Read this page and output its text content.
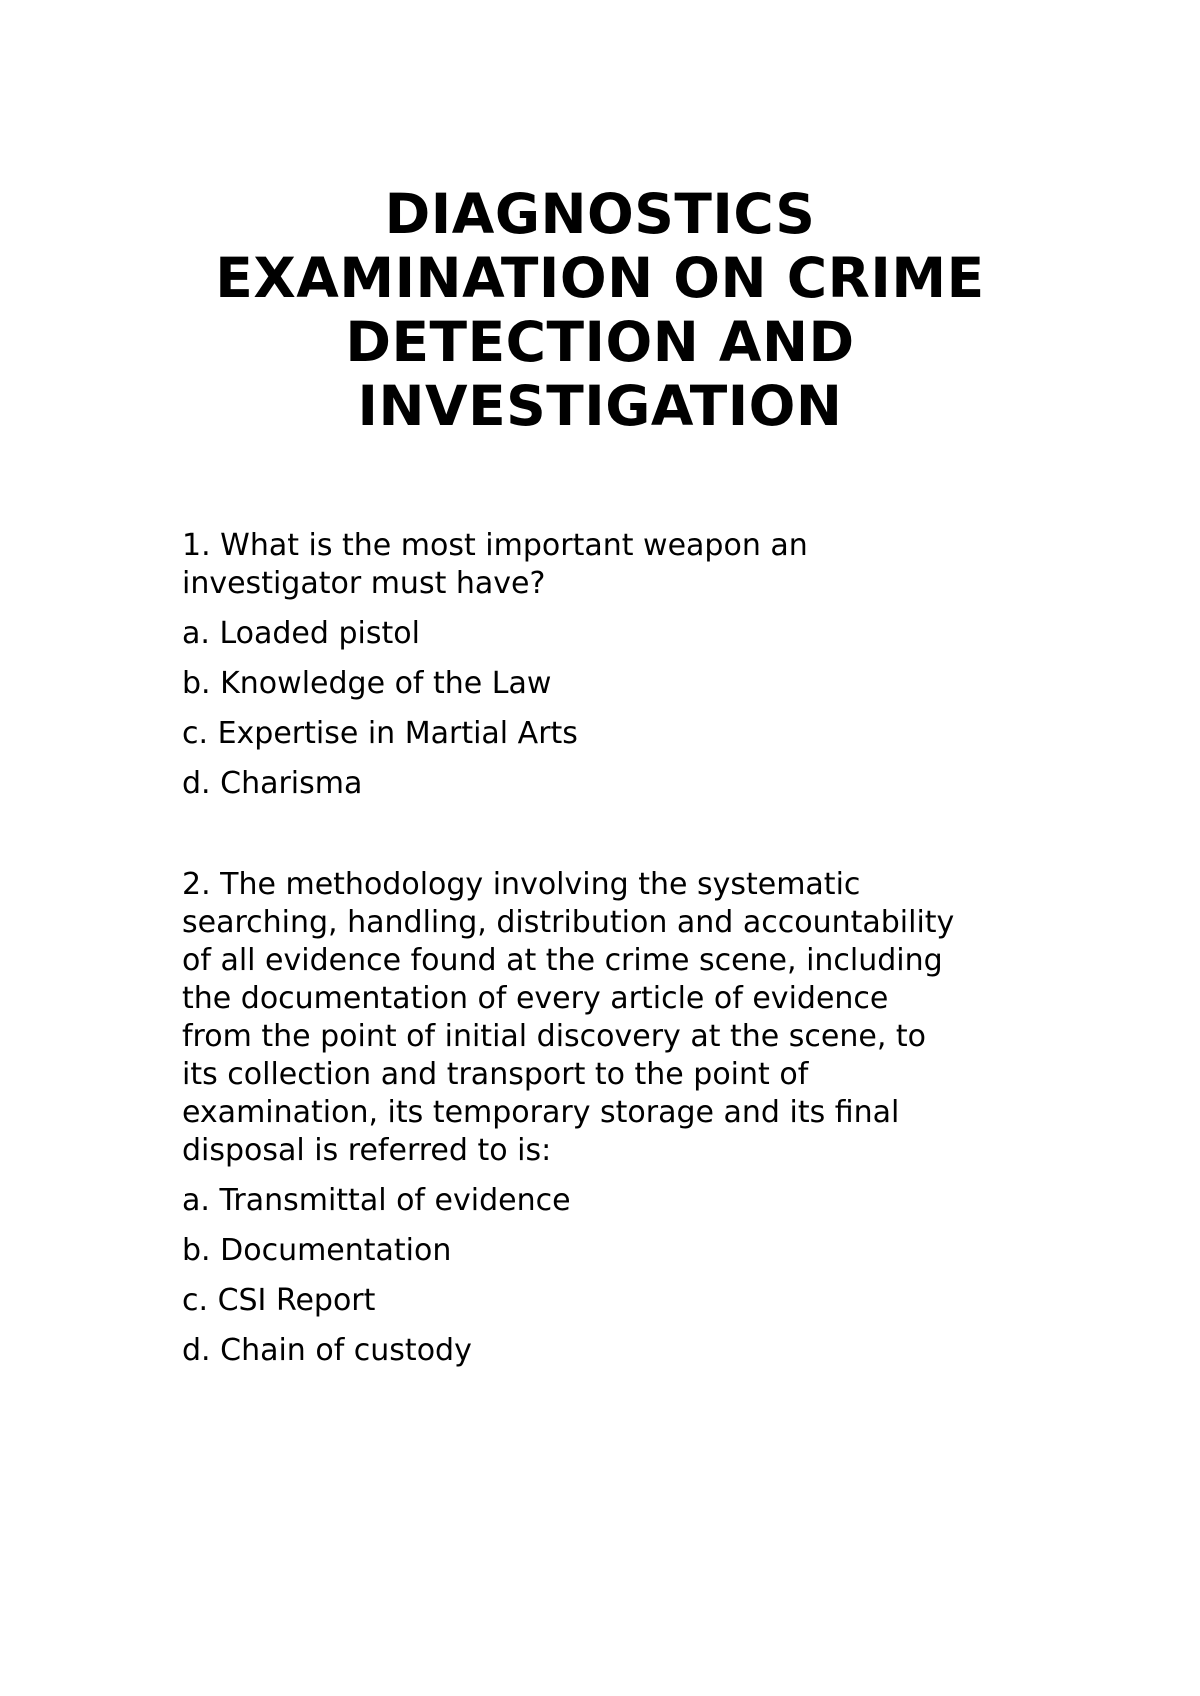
DIAGNOSTICS
EXAMINATION ON CRIME
DETECTION AND
INVESTIGATION

1. What is the most important weapon an
investigator must have?

a. Loaded pistol

b. Knowledge of the Law

c. Expertise in Martial Arts

d. Charisma

2. The methodology involving the systematic
searching, handling, distribution and accountability
of all evidence found at the crime scene, including
the documentation of every article of evidence
from the point of initial discovery at the scene, to
its collection and transport to the point of
examination, its temporary storage and its final
disposal is referred to is:

a. Transmittal of evidence

b. Documentation

c. CSI Report

d. Chain of custody
